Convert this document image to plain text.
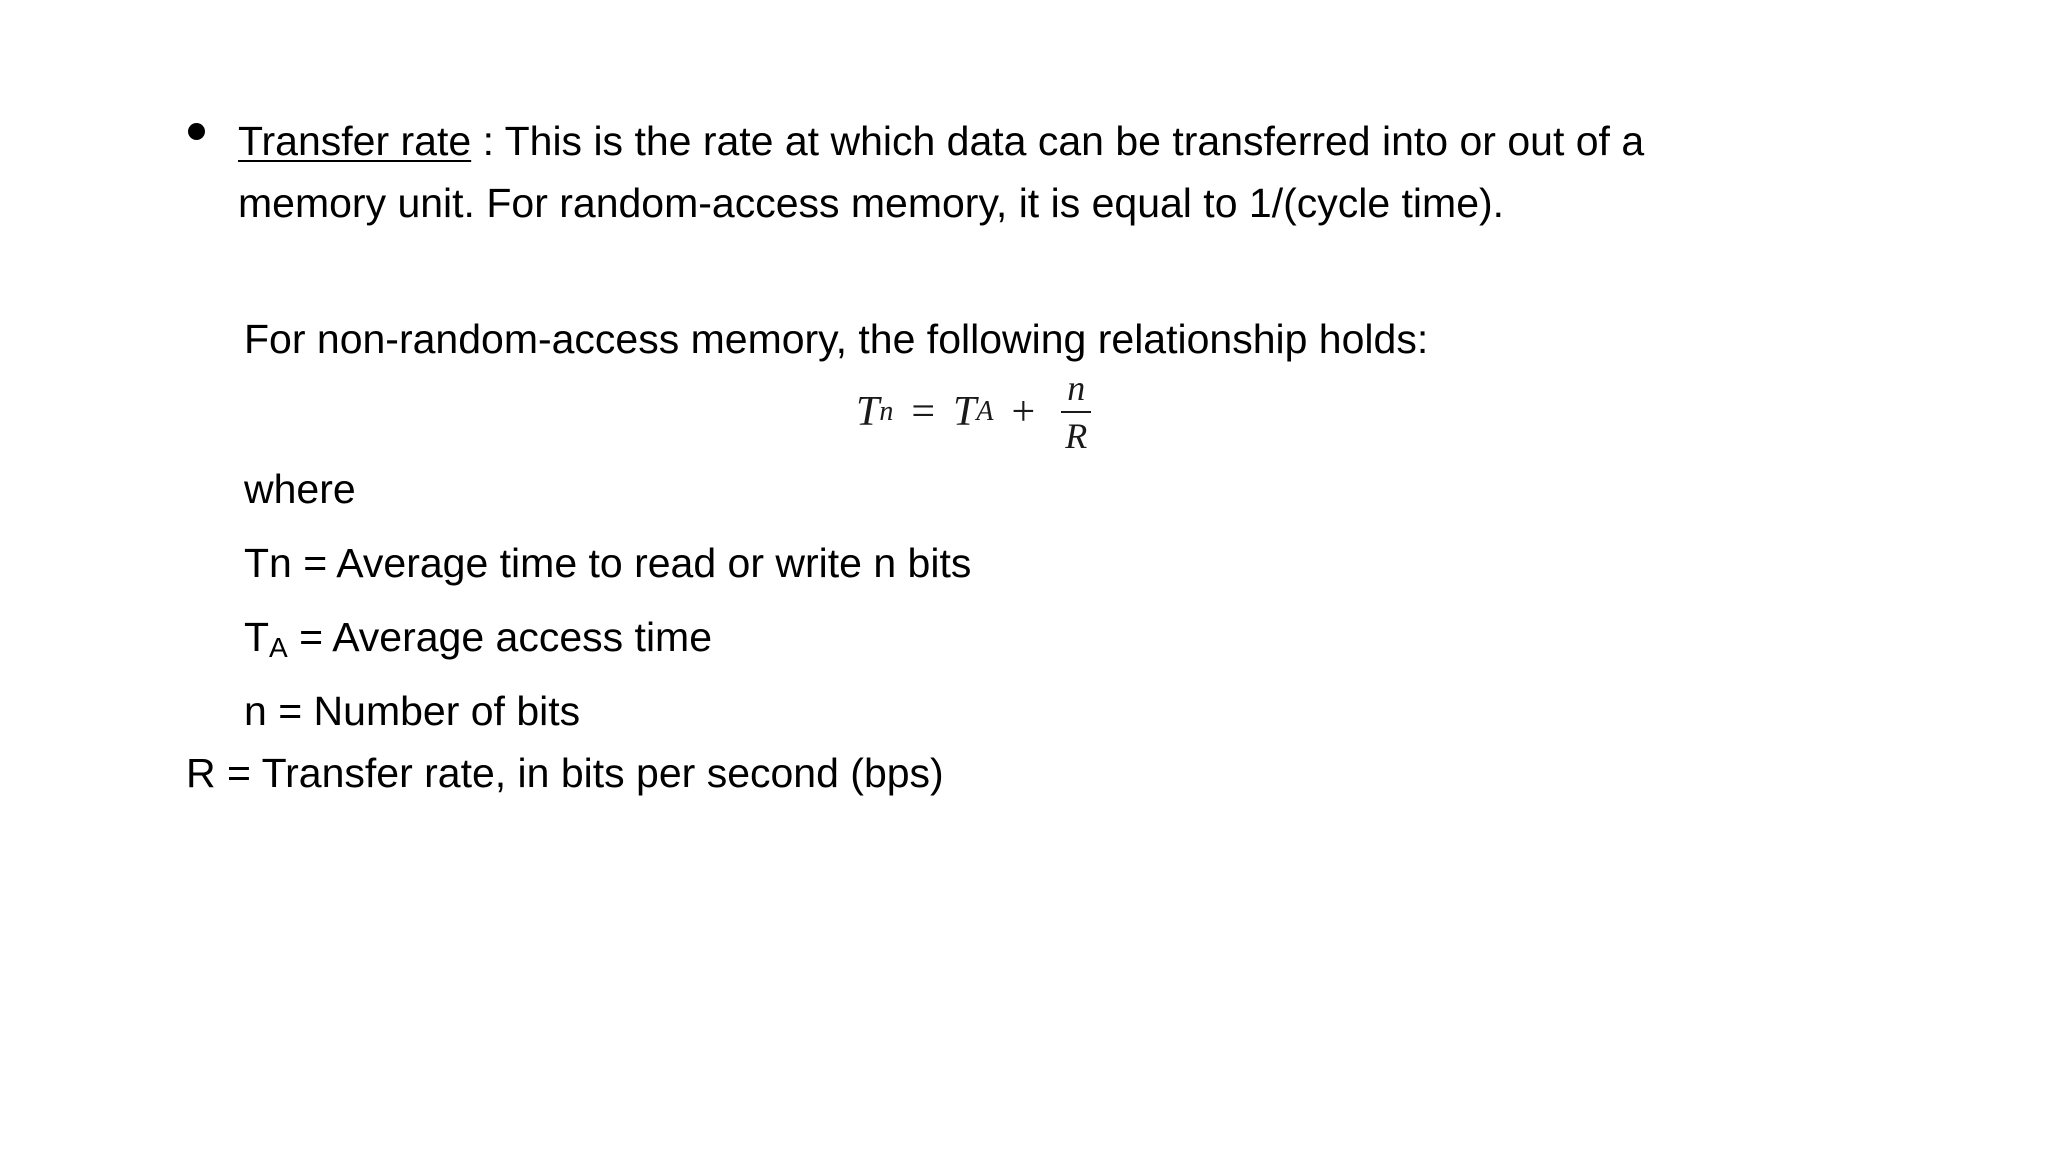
Transfer rate : This is the rate at which data can be transferred into or out of a
memory unit. For random-access memory, it is equal to 1/(cycle time).
For non-random-access memory, the following relationship holds:
T n = T $A + \frac{n}{R}$
where
Tn = Average time to read or write n bits
$T_A$ = Average access time
n = Number of bits
R = Transfer rate, in bits per second (bps)
